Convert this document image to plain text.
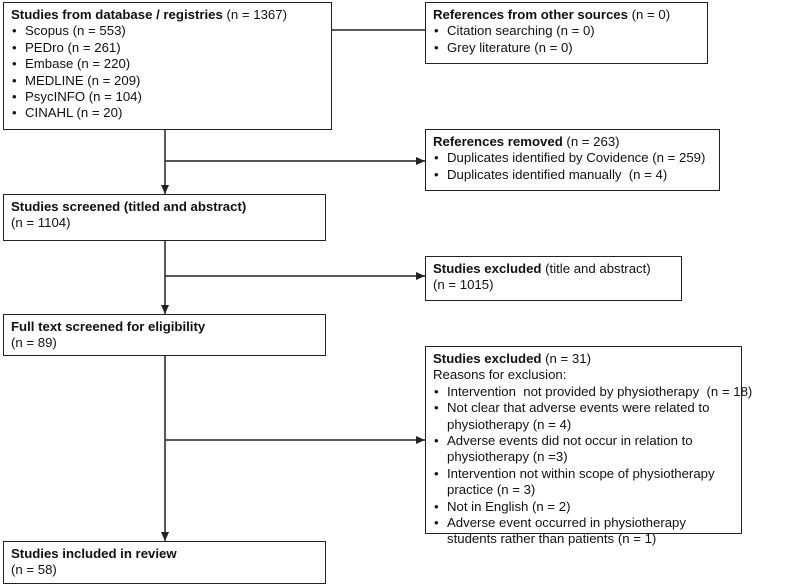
Studies from database / registries (n = 1367)
• Scopus (n = 553)
• PEDro (n = 261)
• Embase (n = 220)
• MEDLINE (n = 209)
• PsycINFO (n = 104)
• CINAHL (n = 20)
References from other sources (n = 0)
• Citation searching (n = 0)
• Grey literature (n = 0)
References removed (n = 263)
• Duplicates identified by Covidence (n = 259)
• Duplicates identified manually  (n = 4)
Studies screened (titled and abstract)
(n = 1104)
Studies excluded (title and abstract)
(n = 1015)
Full text screened for eligibility
(n = 89)
Studies excluded (n = 31)
Reasons for exclusion:
• Intervention  not provided by physiotherapy  (n = 18)
• Not clear that adverse events were related to physiotherapy (n = 4)
• Adverse events did not occur in relation to physiotherapy (n =3)
• Intervention not within scope of physiotherapy practice (n = 3)
• Not in English (n = 2)
• Adverse event occurred in physiotherapy students rather than patients (n = 1)
Studies included in review
(n = 58)
